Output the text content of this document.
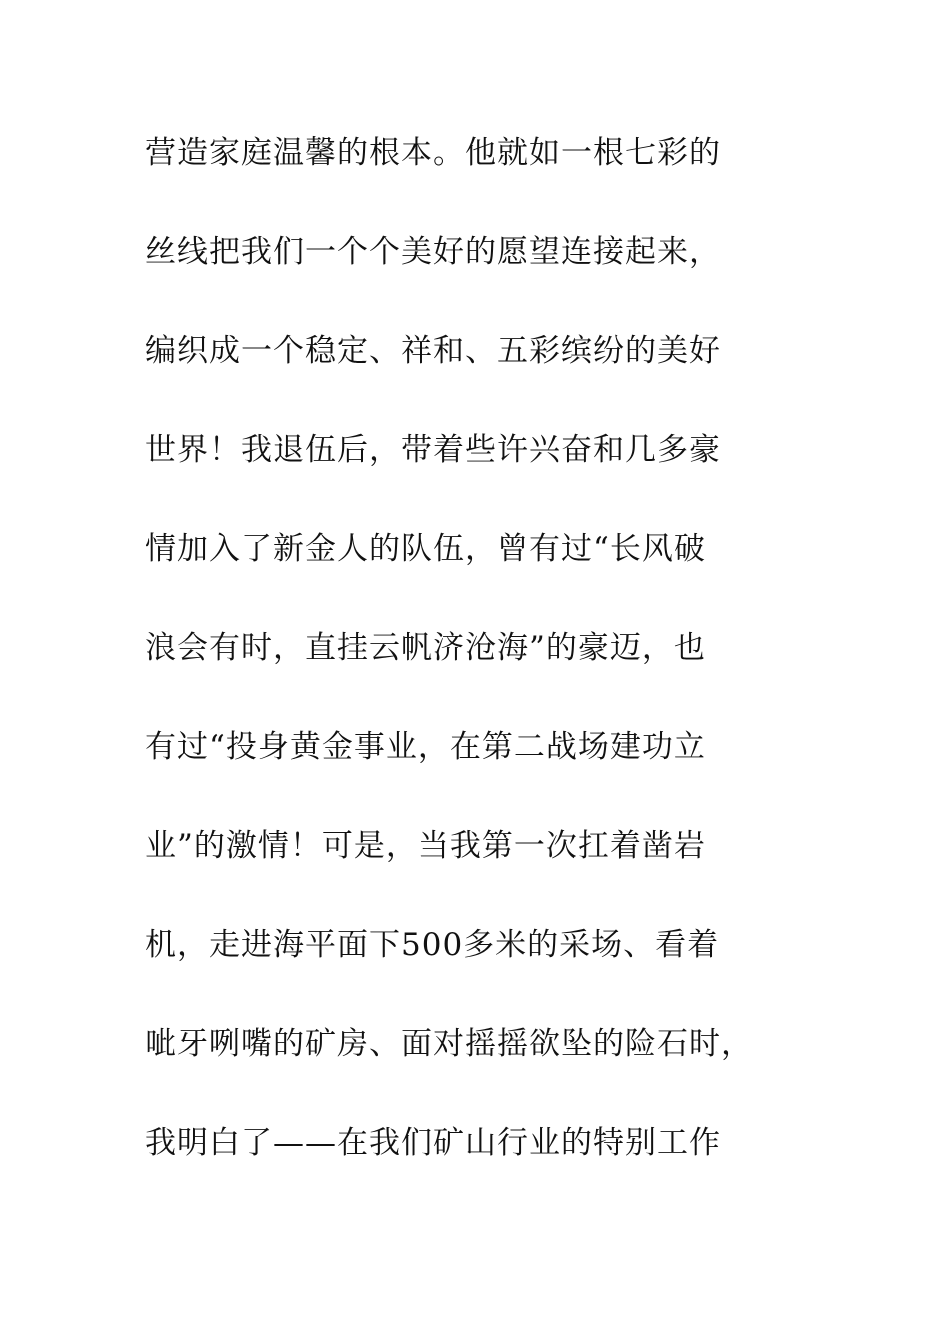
营造家庭温馨的根本。他就如一根七彩的
丝线把我们一个个美好的愿望连接起来，
编织成一个稳定、祥和、五彩缤纷的美好
世界！我退伍后，带着些许兴奋和几多豪
情加入了新金人的队伍，曾有过“长风破
浪会有时，直挂云帆济沧海”的豪迈，也
有过“投身黄金事业，在第二战场建功立
业”的激情！可是，当我第一次扛着凿岩
机，走进海平面下500多米的采场、看着
呲牙咧嘴的矿房、面对摇摇欲坠的险石时，
我明白了——在我们矿山行业的特别工作
